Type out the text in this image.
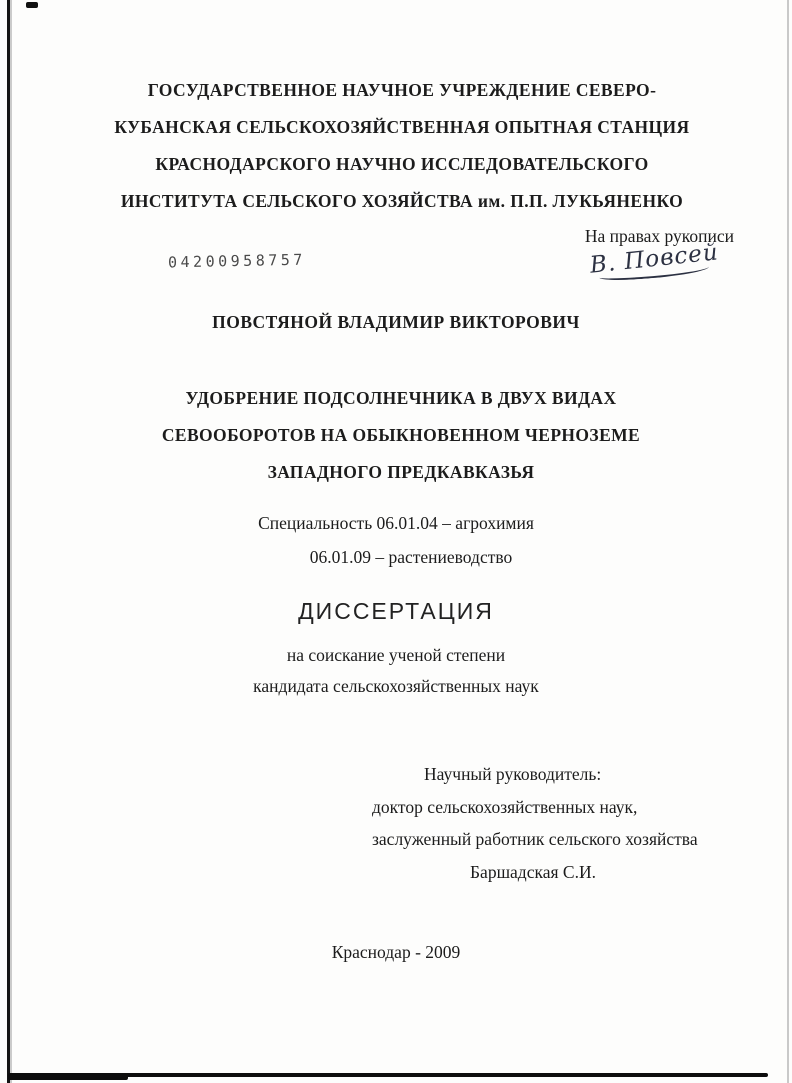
ГОСУДАРСТВЕННОЕ НАУЧНОЕ УЧРЕЖДЕНИЕ СЕВЕРО-
КУБАНСКАЯ СЕЛЬСКОХОЗЯЙСТВЕННАЯ ОПЫТНАЯ СТАНЦИЯ
КРАСНОДАРСКОГО НАУЧНО ИССЛЕДОВАТЕЛЬСКОГО
ИНСТИТУТА СЕЛЬСКОГО ХОЗЯЙСТВА им. П.П. ЛУКЬЯНЕНКО
На правах рукописи
04200958757	В. Повсей
ПОВСТЯНОЙ ВЛАДИМИР ВИКТОРОВИЧ
УДОБРЕНИЕ ПОДСОЛНЕЧНИКА В ДВУХ ВИДАХ
СЕВООБОРОТОВ НА ОБЫКНОВЕННОМ ЧЕРНОЗЕМЕ
ЗАПАДНОГО ПРЕДКАВКАЗЬЯ
Специальность 06.01.04 – агрохимия
06.01.09 – растениеводство
ДИССЕРТАЦИЯ
на соискание ученой степени
кандидата сельскохозяйственных наук
Научный руководитель:
доктор сельскохозяйственных наук,
заслуженный работник сельского хозяйства
Баршадская С.И.
Краснодар - 2009
